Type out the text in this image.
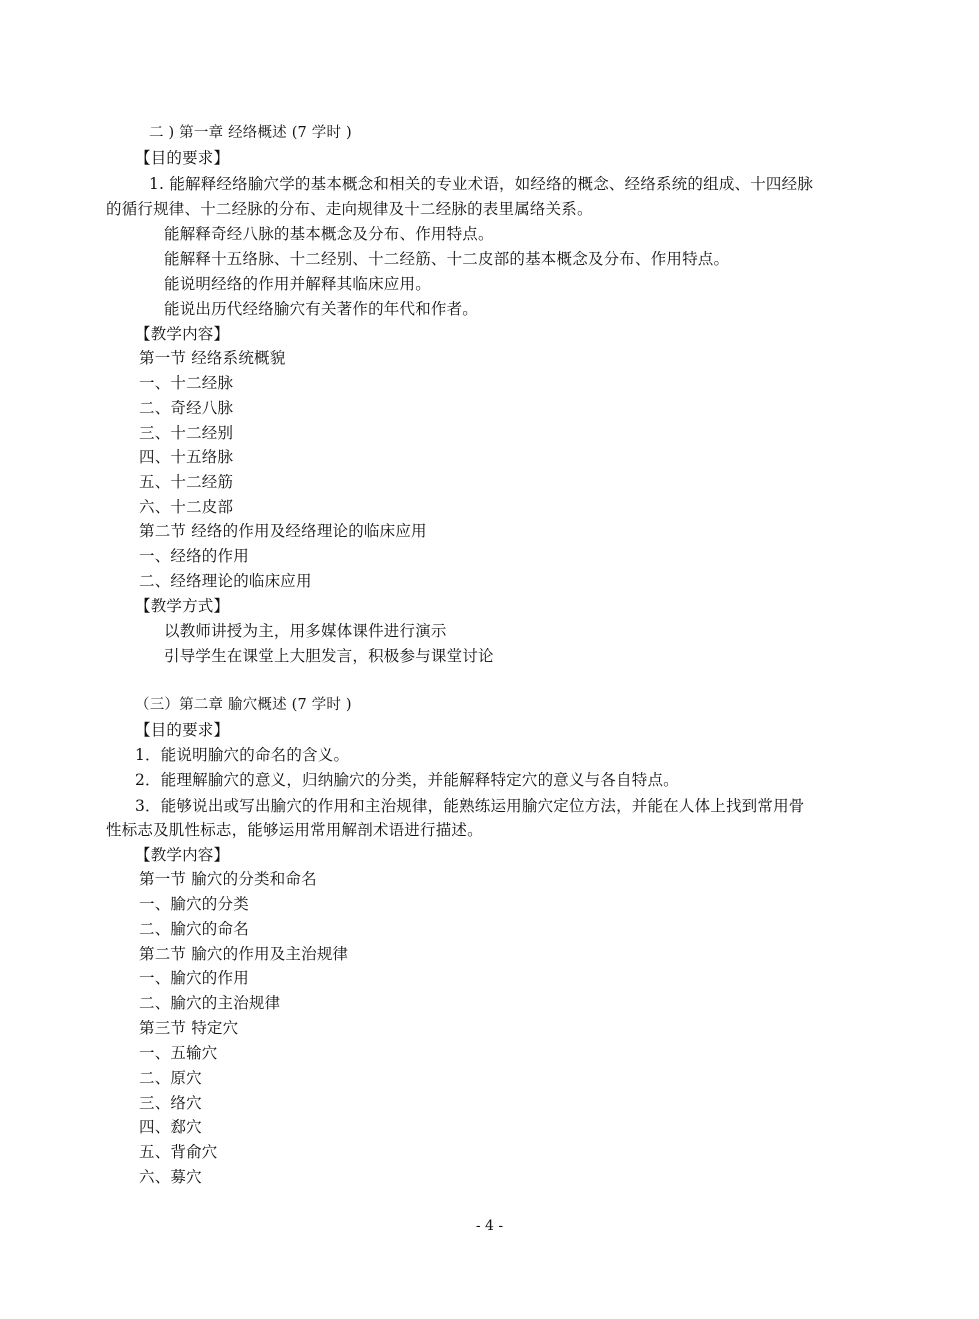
二 ) 第一章 经络概述 (7 学时 )
【目的要求】
1. 能解释经络腧穴学的基本概念和相关的专业术语，如经络的概念、经络系统的组成、十四经脉
的循行规律、十二经脉的分布、走向规律及十二经脉的表里属络关系。
能解释奇经八脉的基本概念及分布、作用特点。
能解释十五络脉、十二经别、十二经筋、十二皮部的基本概念及分布、作用特点。
能说明经络的作用并解释其临床应用。
能说出历代经络腧穴有关著作的年代和作者。
【教学内容】
第一节 经络系统概貌
一、十二经脉
二、奇经八脉
三、十二经别
四、十五络脉
五、十二经筋
六、十二皮部
第二节 经络的作用及经络理论的临床应用
一、经络的作用
二、经络理论的临床应用
【教学方式】
以教师讲授为主，用多媒体课件进行演示
引导学生在课堂上大胆发言，积极参与课堂讨论
（三）第二章 腧穴概述 (7 学时 )
【目的要求】
1．能说明腧穴的命名的含义。
2．能理解腧穴的意义，归纳腧穴的分类，并能解释特定穴的意义与各自特点。
3．能够说出或写出腧穴的作用和主治规律，能熟练运用腧穴定位方法，并能在人体上找到常用骨
性标志及肌性标志，能够运用常用解剖术语进行描述。
【教学内容】
第一节 腧穴的分类和命名
一、腧穴的分类
二、腧穴的命名
第二节 腧穴的作用及主治规律
一、腧穴的作用
二、腧穴的主治规律
第三节 特定穴
一、五输穴
二、原穴
三、络穴
四、郄穴
五、背俞穴
六、募穴
- 4 -
